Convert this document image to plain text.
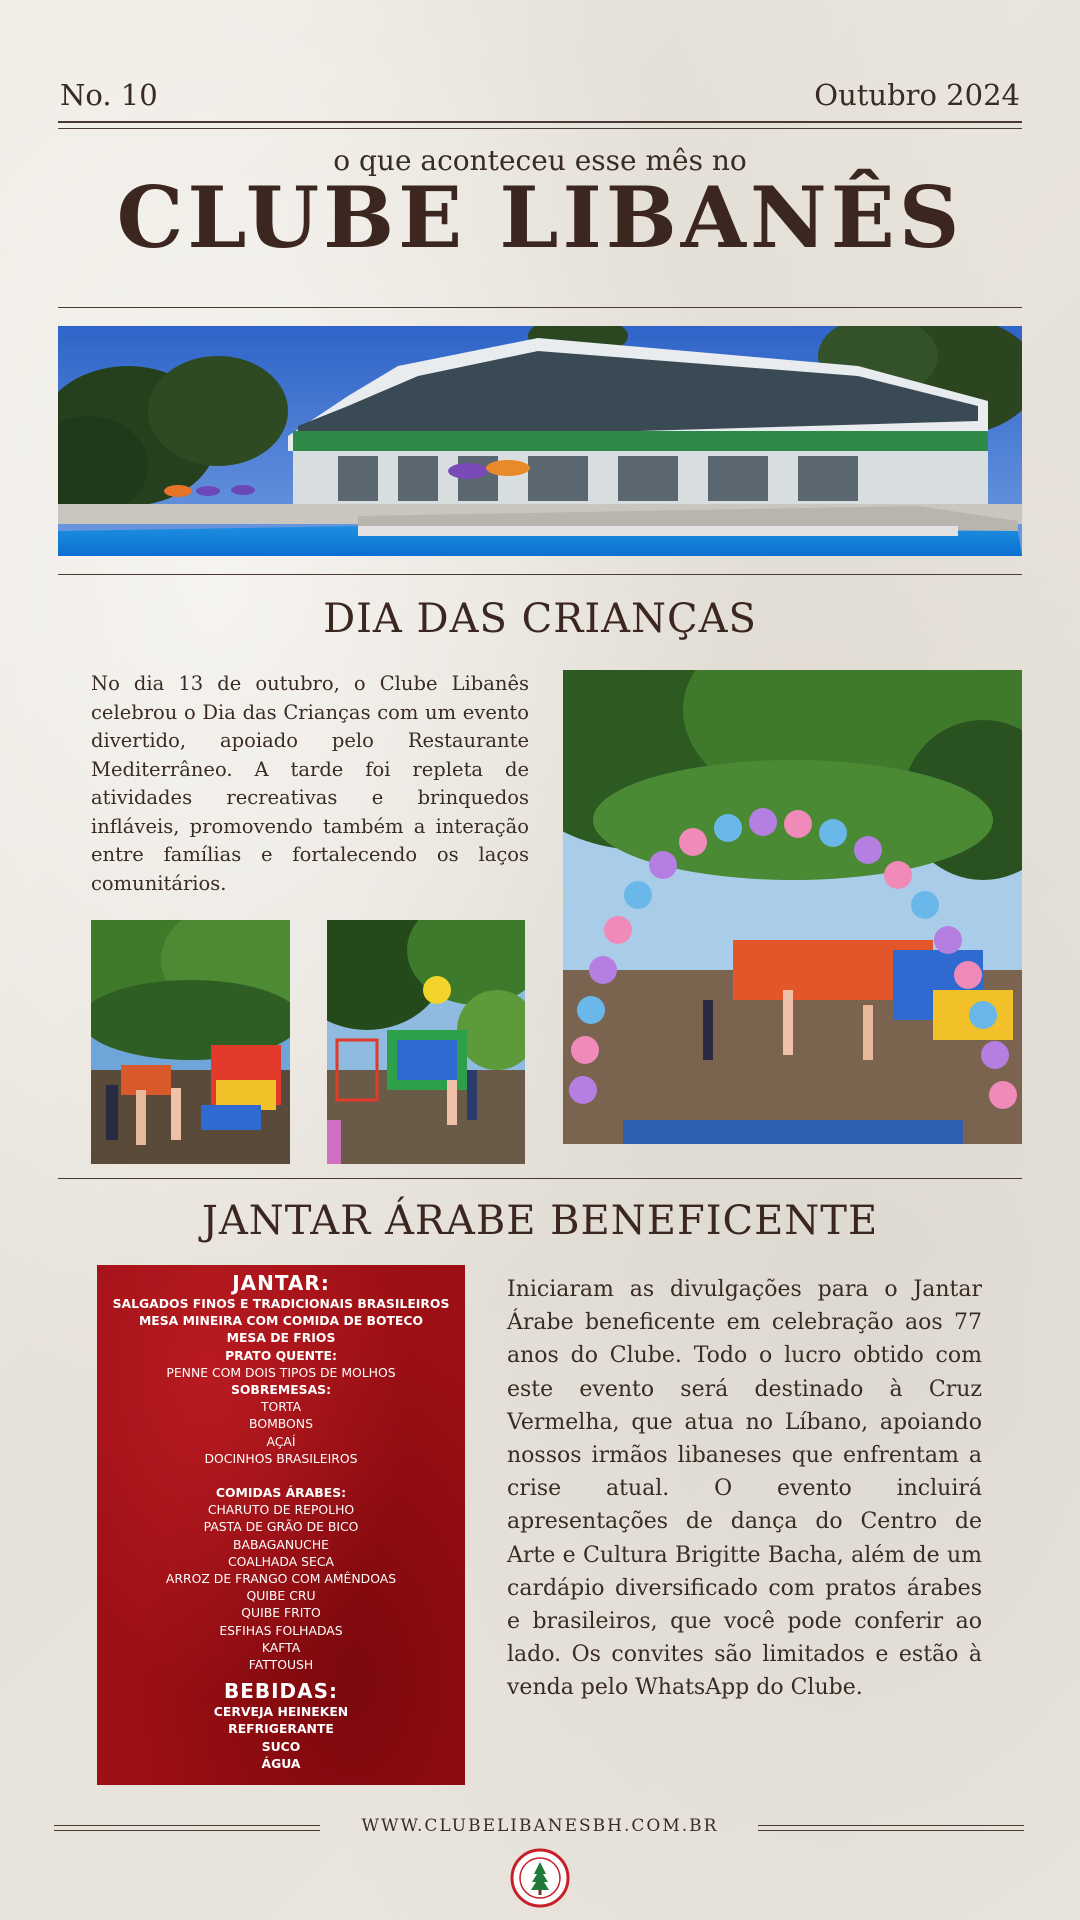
No. 10	Outubro 2024
o que aconteceu esse mês no
CLUBE LIBANÊS
DIA DAS CRIANÇAS
No dia 13 de outubro, o Clube Libanês celebrou o Dia das Crianças com um evento divertido, apoiado pelo Restaurante Mediterrâneo. A tarde foi repleta de atividades recreativas e brinquedos infláveis, promovendo também a interação entre famílias e fortalecendo os laços comunitários.
JANTAR ÁRABE BENEFICENTE
JANTAR:
SALGADOS FINOS E TRADICIONAIS BRASILEIROS
MESA MINEIRA COM COMIDA DE BOTECO
MESA DE FRIOS
PRATO QUENTE:
PENNE COM DOIS TIPOS DE MOLHOS
SOBREMESAS:
TORTA
BOMBONS
AÇAÍ
DOCINHOS BRASILEIROS
COMIDAS ÁRABES:
CHARUTO DE REPOLHO
PASTA DE GRÃO DE BICO
BABAGANUCHE
COALHADA SECA
ARROZ DE FRANGO COM AMÊNDOAS
QUIBE CRU
QUIBE FRITO
ESFIHAS FOLHADAS
KAFTA
FATTOUSH
BEBIDAS:
CERVEJA HEINEKEN
REFRIGERANTE
SUCO
ÁGUA
Iniciaram as divulgações para o Jantar Árabe beneficente em celebração aos 77 anos do Clube. Todo o lucro obtido com este evento será destinado à Cruz Vermelha, que atua no Líbano, apoiando nossos irmãos libaneses que enfrentam a crise atual. O evento incluirá apresentações de dança do Centro de Arte e Cultura Brigitte Bacha, além de um cardápio diversificado com pratos árabes e brasileiros, que você pode conferir ao lado. Os convites são limitados e estão à venda pelo WhatsApp do Clube.
WWW.CLUBELIBANESBH.COM.BR
